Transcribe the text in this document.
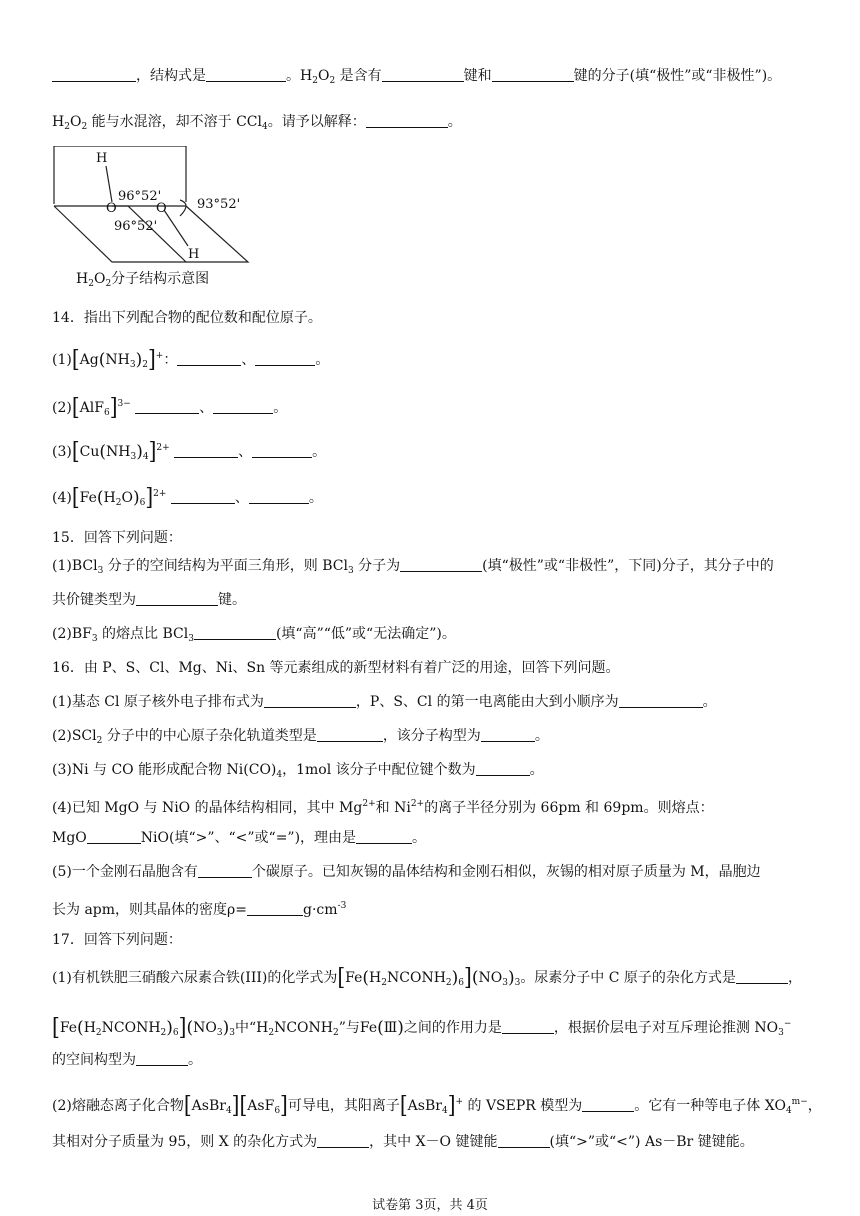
，结构式是	。$H_2O_2$ 是含有	键和	键的分子(填“极性”或“非极性”)。
$H_2O_2$ 能与水混溶，却不溶于 CCl$_4$。请予以解释：	。
H
O	O
96°52'
96°52'
93°52'
H
$H_2O_2$分子结构示意图
14．指出下列配合物的配位数和配位原子。
$(1)[Ag(NH_3)_2]^+$：	、	。
$(2)[AlF_6]^{3-}$	、	。
$(3)[Cu(NH_3)_4]^{2+}$	、	。
$(4)[Fe(H_2O)_6]^{2+}$	、	。
15．回答下列问题：
(1)BCl$_3$ 分子的空间结构为平面三角形，则 BCl$_3$ 分子为	(填“极性”或“非极性”，下同)分子，其分子中的
共价键类型为	键。
$(2)BF_3$ 的熔点比 BCl$_3$	(填“高”“低”或“无法确定”)。
16．由 P、S、Cl、Mg、Ni、Sn 等元素组成的新型材料有着广泛的用途，回答下列问题。
(1)基态 Cl 原子核外电子排布式为	，P、S、Cl 的第一电离能由大到小顺序为	。
(2)SCl$_2$ 分子中的中心原子杂化轨道类型是	，该分子构型为	。
(3)Ni 与 CO 能形成配合物 $Ni(CO)_4$，1mol 该分子中配位键个数为	。
(4)已知 MgO 与 NiO 的晶体结构相同，其中 $Mg^{2+}$和 $Ni^{2+}$的离子半径分别为 66pm 和 69pm。则熔点：
MgO	NiO(填“>”、“<”或“=”)，理由是	。
(5)一个金刚石晶胞含有	个碳原子。已知灰锡的晶体结构和金刚石相似，灰锡的相对原子质量为 M，晶胞边
长为 apm，则其晶体的密度ρ=	$g\cdot cm^{-3}$
17．回答下列问题：
(1)有机铁肥三硝酸六尿素合铁(III)的化学式为$[Fe(H_2NCONH_2)_6](NO_3)_3$。尿素分子中 C 原子的杂化方式是	，
$[Fe(H_2NCONH_2)_6](NO_3)_3$中“$H_2NCONH_2$”与Fe(Ⅲ)之间的作用力是	，根据价层电子对互斥理论推测 $NO_3^-$
的空间构型为	。
(2)熔融态离子化合物[AsBr$_4$][AsF$_6$]可导电，其阳离子[AsBr$_4$]+ 的 VSEPR 模型为	。它有一种等电子体 $XO_4^{m-}$，
其相对分子质量为 95，则 X 的杂化方式为	，其中 X－O 键键能	(填“>”或“<”) As－Br 键键能。
试卷第 3页，共 4页
